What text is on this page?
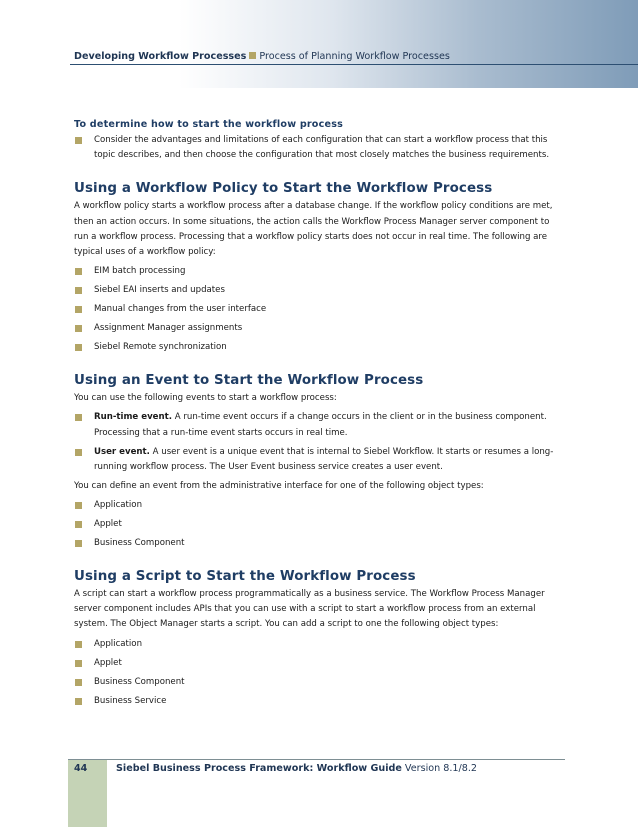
Developing Workflow Processes Process of Planning Workflow Processes
To determine how to start the workflow process
Consider the advantages and limitations of each configuration that can start a workflow process that this topic describes, and then choose the configuration that most closely matches the business requirements.
Using a Workflow Policy to Start the Workflow Process

A workflow policy starts a workflow process after a database change. If the workflow policy conditions are met, then an action occurs. In some situations, the action calls the Workflow Process Manager server component to run a workflow process. Processing that a workflow policy starts does not occur in real time. The following are typical uses of a workflow policy:

EIM batch processing
Siebel EAI inserts and updates
Manual changes from the user interface
Assignment Manager assignments
Siebel Remote synchronization
Using an Event to Start the Workflow Process

You can use the following events to start a workflow process:

Run-time event. A run-time event occurs if a change occurs in the client or in the business component. Processing that a run-time event starts occurs in real time.
User event. A user event is a unique event that is internal to Siebel Workflow. It starts or resumes a long-running workflow process. The User Event business service creates a user event.

You can define an event from the administrative interface for one of the following object types:

Application
Applet
Business Component
Using a Script to Start the Workflow Process

A script can start a workflow process programmatically as a business service. The Workflow Process Manager server component includes APIs that you can use with a script to start a workflow process from an external system. The Object Manager starts a script. You can add a script to one the following object types:

Application
Applet
Business Component
Business Service
44	Siebel Business Process Framework: Workflow Guide Version 8.1/8.2
